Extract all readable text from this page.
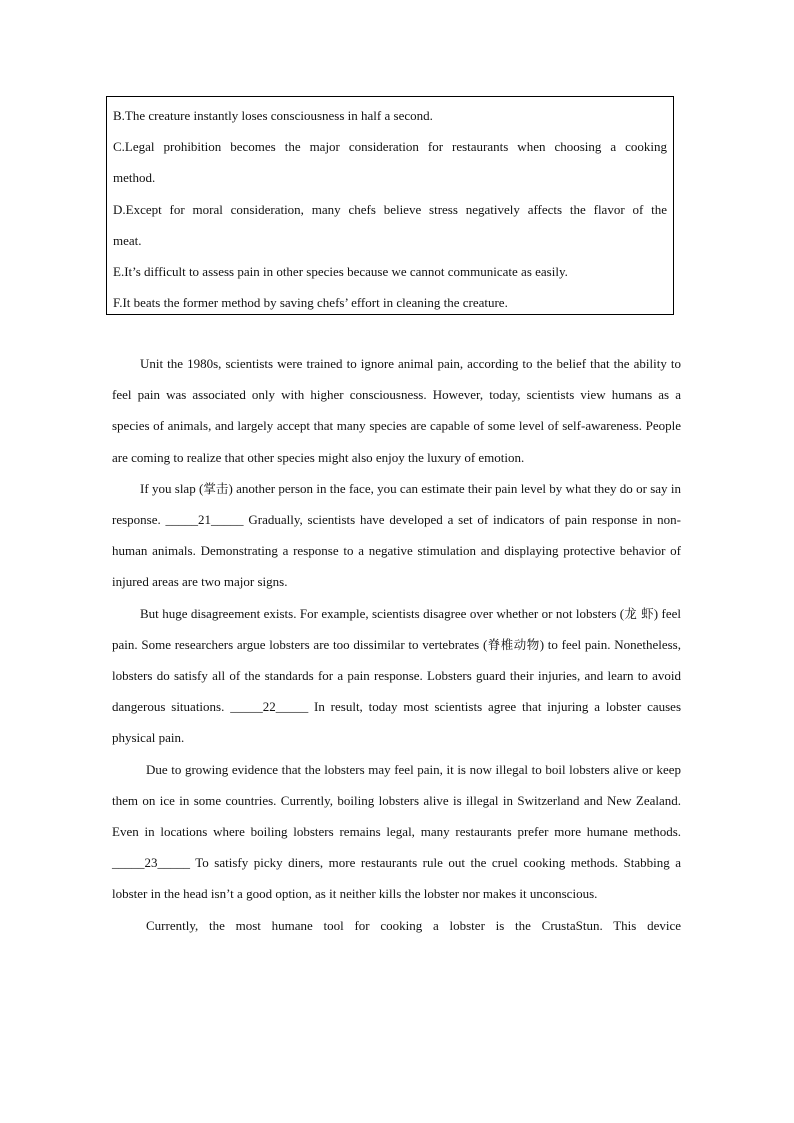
B.The creature instantly loses consciousness in half a second.
C.Legal prohibition becomes the major consideration for restaurants when choosing a cooking
method.
D.Except for moral consideration, many chefs believe stress negatively affects the flavor of the
meat.
E.It’s difficult to assess pain in other species because we cannot communicate as easily.
F.It beats the former method by saving chefs’ effort in cleaning the creature.

Unit the 1980s, scientists were trained to ignore animal pain, according to the belief that the ability to feel pain was associated only with higher consciousness. However, today, scientists view humans as a species of animals, and largely accept that many species are capable of some level of self-awareness. People are coming to realize that other species might also enjoy the luxury of emotion.

If you slap (掌击) another person in the face, you can estimate their pain level by what they do or say in response. _____21_____ Gradually, scientists have developed a set of indicators of pain response in non-human animals. Demonstrating a response to a negative stimulation and displaying protective behavior of injured areas are two major signs.

But huge disagreement exists. For example, scientists disagree over whether or not lobsters (龙 虾) feel pain. Some researchers argue lobsters are too dissimilar to vertebrates (脊椎动物) to feel pain. Nonetheless, lobsters do satisfy all of the standards for a pain response. Lobsters guard their injuries, and learn to avoid dangerous situations. _____22_____ In result, today most scientists agree that injuring a lobster causes physical pain.

Due to growing evidence that the lobsters may feel pain, it is now illegal to boil lobsters alive or keep them on ice in some countries. Currently, boiling lobsters alive is illegal in Switzerland and New Zealand. Even in locations where boiling lobsters remains legal, many restaurants prefer more humane methods. _____23_____ To satisfy picky diners, more restaurants rule out the cruel cooking methods. Stabbing a lobster in the head isn’t a good option, as it neither kills the lobster nor makes it unconscious.

Currently, the most humane tool for cooking a lobster is the CrustaStun. This device
